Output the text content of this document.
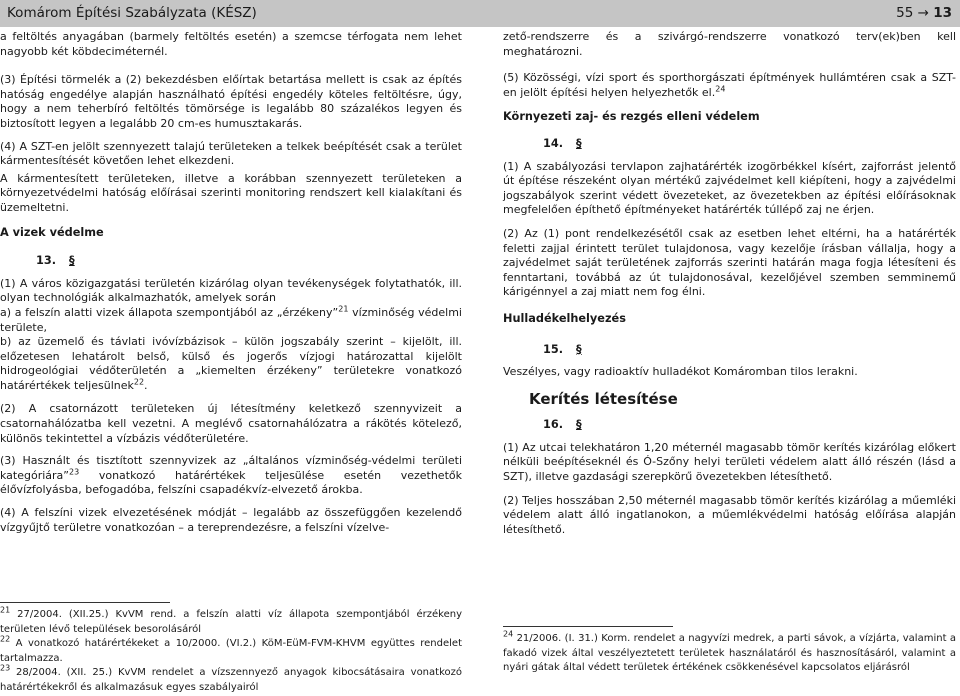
Komárom Építési Szabályzata (KÉSZ)	55 → 13

a feltöltés anyagában (barmely feltöltés esetén) a szemcse térfogata nem lehet nagyobb két köbdeciméternél.

(3) Építési törmelék a (2) bekezdésben előírtak betartása mellett is csak az építés hatóság engedélye alapján használható építési engedély köteles feltöltésre, úgy, hogy a nem teherbíró feltöltés tömörsége is legalább 80 százalékos legyen és biztosított legyen a legalább 20 cm-es humusztakarás.

(4) A SZT-en jelölt szennyezett talajú területeken a telkek beépítését csak a terület kármentesítését követően lehet elkezdeni.

A kármentesített területeken, illetve a korábban szennyezett területeken a környezetvédelmi hatóság előírásai szerinti monitoring rendszert kell kialakítani és üzemeltetni.

A vizek védelme

13. §

(1) A város közigazgatási területén kizárólag olyan tevékenységek folytathatók, ill. olyan technológiák alkalmazhatók, amelyek során

a) a felszín alatti vizek állapota szempontjából az „érzékeny”$^{21}$ vízminőség védelmi területe,

b) az üzemelő és távlati ivóvízbázisok – külön jogszabály szerint – kijelölt, ill. előzetesen lehatárolt belső, külső és jogerős vízjogi határozattal kijelölt hidrogeológiai védőterületén a „kiemelten érzékeny” területekre vonatkozó határértékek teljesülnek$^{22}$.

(2) A csatornázott területeken új létesítmény keletkező szennyvizeit a csatornahálózatba kell vezetni. A meglévő csatornahálózatra a rákötés kötelező, különös tekintettel a vízbázis védőterületére.

(3) Használt és tisztított szennyvizek az „általános vízminőség-védelmi területi kategóriára”$^{23}$ vonatkozó határértékek teljesülése esetén vezethetők élővízfolyásba, befogadóba, felszíni csapadékvíz-elvezető árokba.

(4) A felszíni vizek elvezetésének módját – legalább az összefüggően kezelendő vízgyűjtő területre vonatkozóan – a tereprendezésre, a felszíni vízelve-

zető-rendszerre és a szivárgó-rendszerre vonatkozó terv(ek)ben kell meghatározni.

(5) Közösségi, vízi sport és sporthorgászati építmények hullámtéren csak a SZT-en jelölt építési helyen helyezhetők el.$^{24}$

Környezeti zaj- és rezgés elleni védelem

14. §

(1) A szabályozási tervlapon zajhatárérték izogörbékkel kísért, zajforrást jelentő út építése részeként olyan mértékű zajvédelmet kell kiépíteni, hogy a zajvédelmi jogszabályok szerint védett övezeteket, az övezetekben az építési előírásoknak megfelelően építhető építményeket határérték túllépő zaj ne érjen.

(2) Az (1) pont rendelkezésétől csak az esetben lehet eltérni, ha a határérték feletti zajjal érintett terület tulajdonosa, vagy kezelője írásban vállalja, hogy a zajvédelmet saját területének zajforrás szerinti határán maga fogja létesíteni és fenntartani, továbbá az út tulajdonosával, kezelőjével szemben semminemű kárigénnyel a zaj miatt nem fog élni.

Hulladékelhelyezés

15. §

Veszélyes, vagy radioaktív hulladékot Komáromban tilos lerakni.

Kerítés létesítése

16. §

(1) Az utcai telekhatáron 1,20 méternél magasabb tömör kerítés kizárólag előkert nélküli beépítéseknél és Ó-Szőny helyi területi védelem alatt álló részén (lásd a SZT), illetve gazdasági szerepkörű övezetekben létesíthető.

(2) Teljes hosszában 2,50 méternél magasabb tömör kerítés kizárólag a műemléki védelem alatt álló ingatlanokon, a műemlékvédelmi hatóság előírása alapján létesíthető.

$^{21}$ 27/2004. (XII.25.) KvVM rend. a felszín alatti víz állapota szempontjából érzékeny területen lévő települések besorolásáról

$^{22}$ A vonatkozó határértékeket a 10/2000. (VI.2.) KöM-EüM-FVM-KHVM együttes rendelet tartalmazza.

$^{23}$ 28/2004. (XII. 25.) KvVM rendelet a vízszennyező anyagok kibocsátásaira vonatkozó határértékekről és alkalmazásuk egyes szabályairól

$^{24}$ 21/2006. (I. 31.) Korm. rendelet a nagyvízi medrek, a parti sávok, a vízjárta, valamint a fakadó vizek által veszélyeztetett területek használatáról és hasznosításáról, valamint a nyári gátak által védett területek értékének csökkenésével kapcsolatos eljárásról
